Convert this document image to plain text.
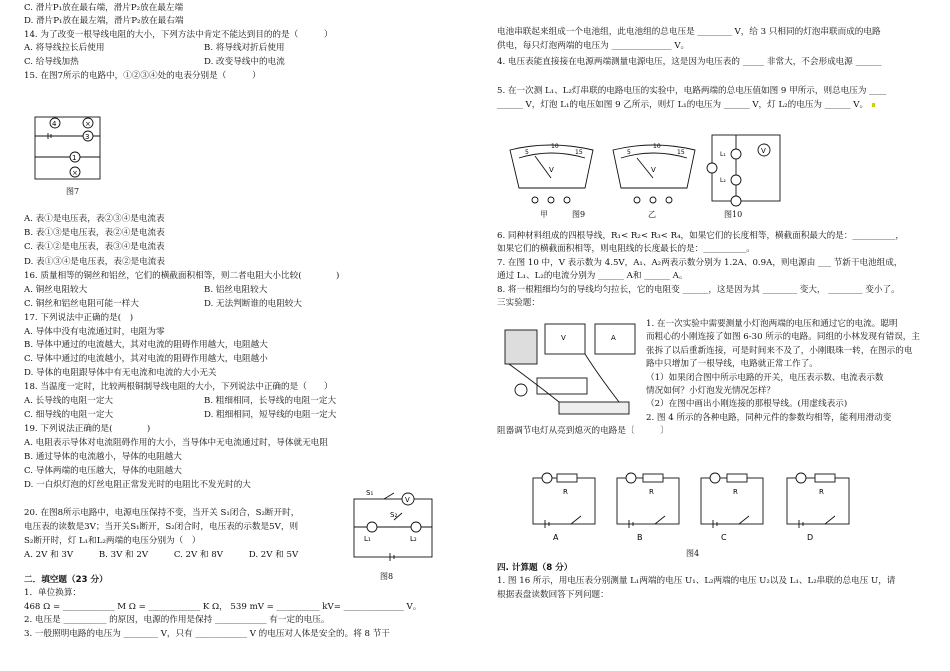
C. 滑片P₁放在最右端，滑片P₂放在最左端
D. 滑片P₁放在最左端，滑片P₂放在最右端
14. 为了改变一根导线电阻的大小，下列方法中肯定不能达到目的的是（　　　）
A. 将导线拉长后使用	B. 将导线对折后使用
C. 给导线加热	D. 改变导线中的电流
15. 在图7所示的电路中，①②③④处的电表分别是（　　　）
A. 表①是电压表，表②③④是电流表
B. 表①③是电压表，表②④是电流表
C. 表①②是电压表，表③④是电流表
D. 表①③④是电压表，表②是电流表
16. 质量相等的铜丝和铝丝，它们的横截面积相等，则二者电阻大小比较(　　　　)
A. 铜丝电阻较大	B. 铝丝电阻较大
C. 铜丝和铝丝电阻可能一样大	D. 无法判断谁的电阻较大
17. 下列说法中正确的是(　)
A. 导体中没有电流通过时，电阻为零
B. 导体中通过的电流越大，其对电流的阻碍作用越大，电阻越大
C. 导体中通过的电流越小，其对电流的阻碍作用越大，电阻越小
D. 导体的电阻跟导体中有无电流和电流的大小无关
18. 当温度一定时，比较两根铜制导线电阻的大小，下列说法中正确的是（　　）
A. 长导线的电阻一定大	B. 粗细相同，长导线的电阻一定大
C. 细导线的电阻一定大	D. 粗细相同，短导线的电阻一定大
19. 下列说法正确的是(　　　　)
A. 电阻表示导体对电流阻碍作用的大小，当导体中无电流通过时，导体就无电阻
B. 通过导体的电流越小，导体的电阻越大
C. 导体两端的电压越大，导体的电阻越大
D. 一白炽灯泡的灯丝电阻正常发光时的电阻比不发光时的大
20. 在图8所示电路中，电源电压保持不变，当开关 S₁闭合，S₂断开时，
电压表的读数是3V；当开关S₁断开，S₂闭合时，电压表的示数是5V，则
S₂断开时，灯 L₁和L₂两端的电压分别为（　）
A. 2V 和 3V　　　B. 3V 和 2V　　　C. 2V 和 8V　　　D. 2V 和 5V
4	×
3
1
×
图7
V
S₁
S₂
L₁	L₂
图8
二．填空题（23 分）
1．单位换算：
468 Ω = ____________ M Ω = ____________ K Ω， 539 mV = __________ kV= ______________ V。
2. 电压是 __________ 的原因，电源的作用是保持 ____________ 有一定的电压。
3. 一般照明电路的电压为 ________ V，只有 ____________ V 的电压对人体是安全的。将 8 节干
电池串联起来组成一个电池组，此电池组的总电压是 ________ V，给 3 只相同的灯泡串联而成的电路
供电，每只灯泡两端的电压为 ______________ V。
4. 电压表能直接接在电源两端测量电源电压，这是因为电压表的 _____ 非常大，不会形成电源 ______
5. 在一次测 L₁、L₂灯串联的电路电压的实验中，电路两端的总电压值如图 9 甲所示，则总电压为 ____
______ V，灯泡 L₁的电压如图 9 乙所示，则灯 L₁的电压为 ______ V，灯 L₂的电压为 ______ V。
5
10
15
V
5
10
15
V
甲	图9	乙
L₁
L₂
V
图10
6. 同种材料组成的四根导线，R₁< R₂< R₃< R₄，如果它们的长度相等，横截面积最大的是：__________，
如果它们的横截面积相等，则电阻线的长度最长的是：__________。
7. 在图 10 中，V 表示数为 4.5V，A₁、A₂两表示数分别为 1.2A、0.9A，则电源由 ___ 节新干电池组成，
通过 L₁、L₂的电流分别为 ______ A和 ______ A。
8. 将一根粗细均匀的导线均匀拉长，它的电阻变 ______，这是因为其 ________ 变大， ________ 变小了。
三实验题：
V	A
1. 在一次实验中需要测量小灯泡两端的电压和通过它的电流。聪明
而粗心的小刚连接了如图 6-30 所示的电路。同组的小林发现有错误，主
张拆了以后重新连接，可是时间来不及了，小刚眼珠一转，在图示的电
路中只增加了一根导线，电路就正常工作了。
（1）如果闭合图中所示电路的开关，电压表示数、电流表示数
情况如何？小灯泡发光情况怎样？
（2）在图中画出小刚连接的那根导线。(用虚线表示)
2. 图 4 所示的各种电路，同种元件的参数均相等，能利用滑动变
阻器调节电灯从亮到熄灭的电路是〔　　　〕
R	R	R	R
A	B	C	D
图4
四. 计算题（8 分）
1. 图 16 所示，用电压表分别测量 L₁两端的电压 U₁、L₂两端的电压 U₂以及 L₁、L₂串联的总电压 U，请
根据表盘读数回答下列问题：
